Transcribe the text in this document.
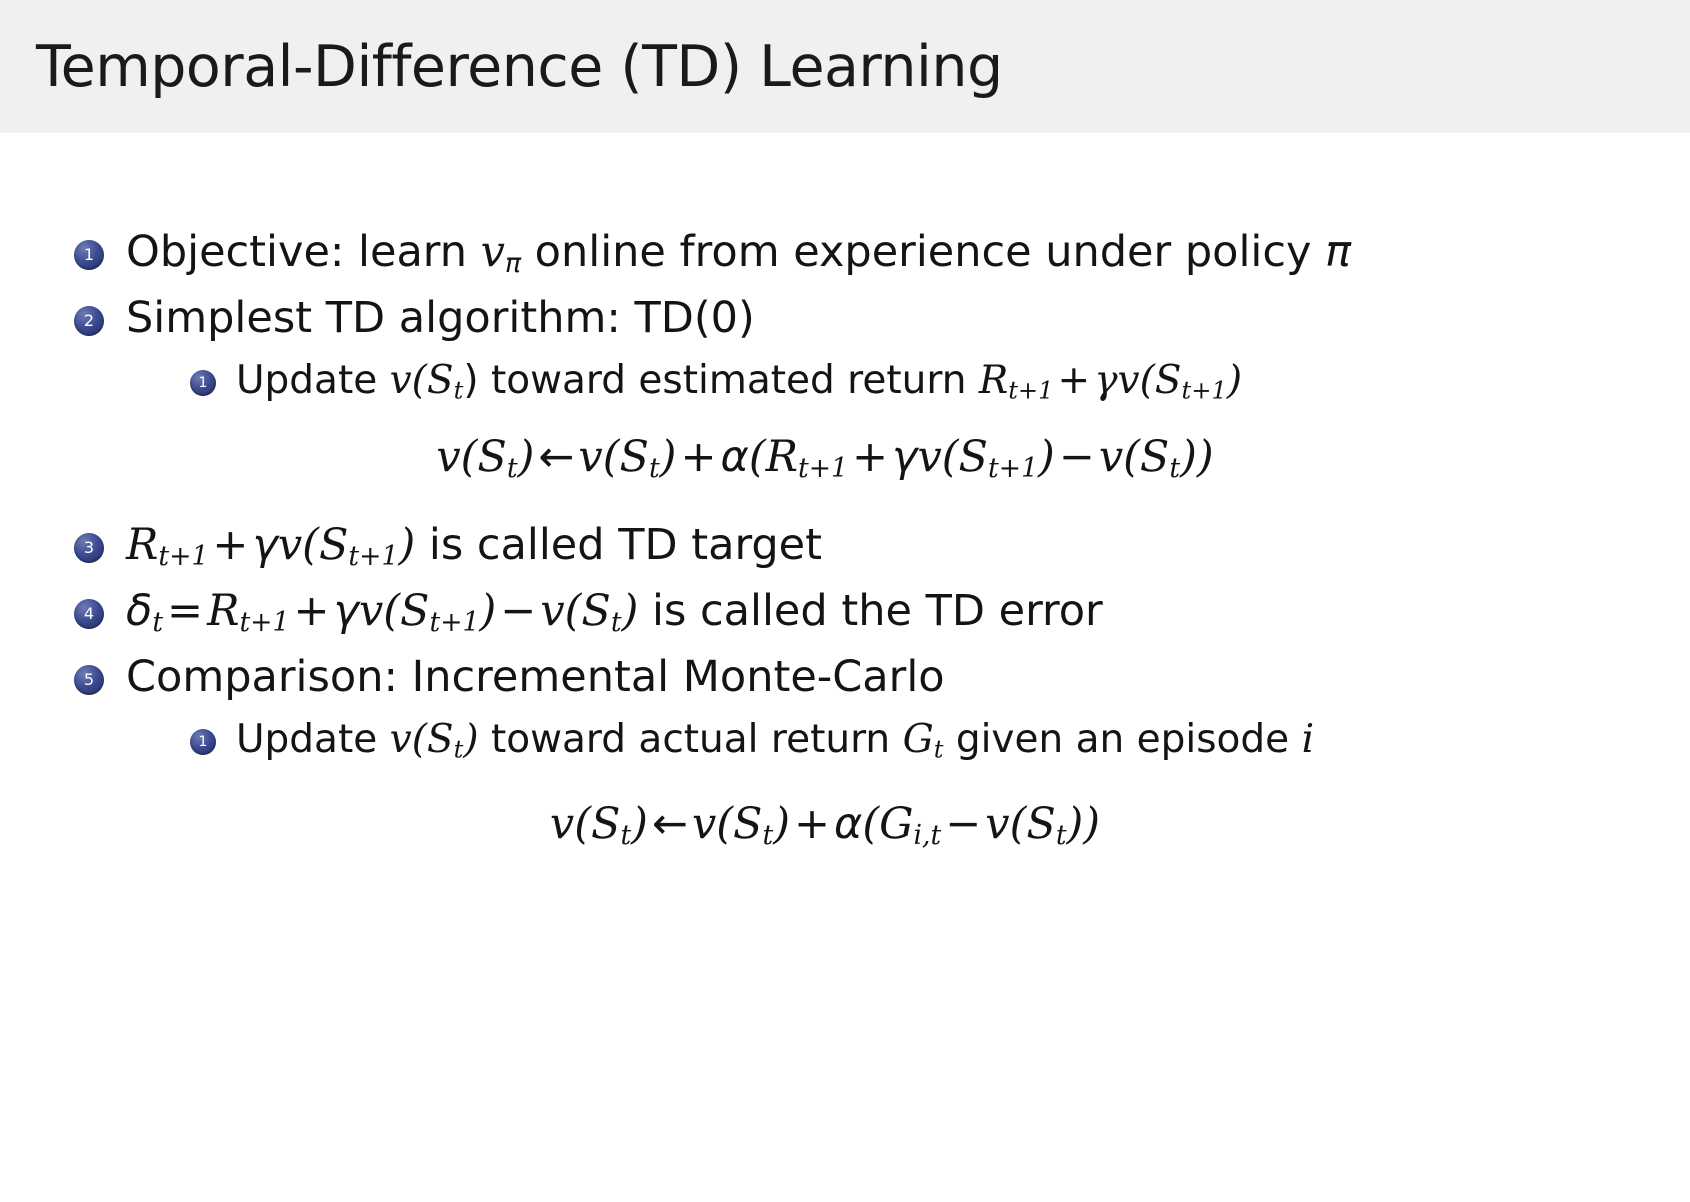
Temporal-Difference (TD) Learning
1 Objective: learn $v_\pi$ online from experience under policy π
2 Simplest TD algorithm: TD(0)
1 Update $v(S_t)$ toward estimated return $R_{t+1} + \gamma v(S_{t+1})$
$v(S_t)\leftarrow v(S_t)+\alpha(R_{t+1}+\gamma v(S_{t+1})-v(S_t))$
3 $R_{t+1}+\gamma v(S_{t+1})$ is called TD target
4 $\delta_t=R_{t+1}+\gamma v(S_{t+1})-v(S_t)$ is called the TD error
5 Comparison: Incremental Monte-Carlo
1 Update $v(S_t)$ toward actual return $G_t$ given an episode i
$v(S_t)\leftarrow v(S_t)+\alpha(G_{i,t}-v(S_t))$
